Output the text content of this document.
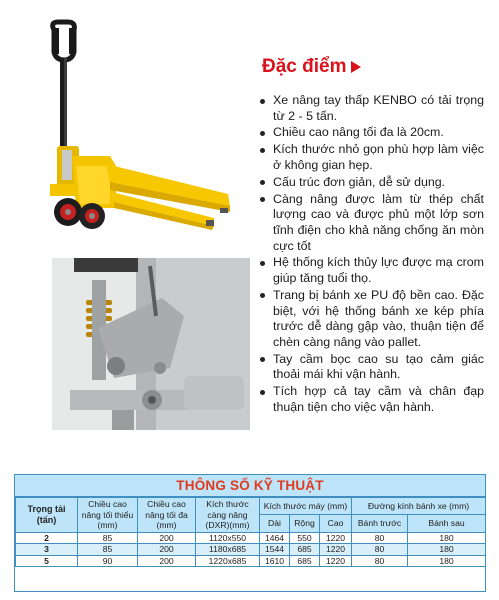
Đặc điểm
Xe nâng tay thấp KENBO có tải trọng từ 2 - 5 tấn.
Chiều cao nâng tối đa là 20cm.
Kích thước nhỏ gọn phù hợp làm việc ở không gian hẹp.
Cấu trúc đơn giản, dễ sử dụng.
Càng nâng được làm từ thép chất lượng cao và được phủ một lớp sơn tĩnh điện cho khả năng chống ăn mòn cực tốt
Hệ thống kích thủy lực được mạ crom giúp tăng tuổi thọ.
Trang bị bánh xe PU độ bền cao. Đặc biệt, với hệ thống bánh xe kép phía trước dễ dàng gập vào, thuận tiện để chèn càng nâng vào pallet.
Tay cầm bọc cao su tạo cảm giác thoải mái khi vận hành.
Tích hợp cả tay cầm và chân đạp thuận tiện cho việc vận hành.
THÔNG SỐ KỸ THUẬT
Trọng tải (tấn)	Chiều cao nâng tối thiểu (mm)	Chiều cao nâng tối đa (mm)	Kích thước càng nâng (DXR)(mm)	Kích thước máy (mm)			Đường kính bánh xe (mm)	
				Dài	Rộng	Cao	Bánh trước	Bánh sau
2	85	200	1120x550	1464	550	1220	80	180
3	85	200	1180x685	1544	685	1220	80	180
5	90	200	1220x685	1610	685	1220	80	180
